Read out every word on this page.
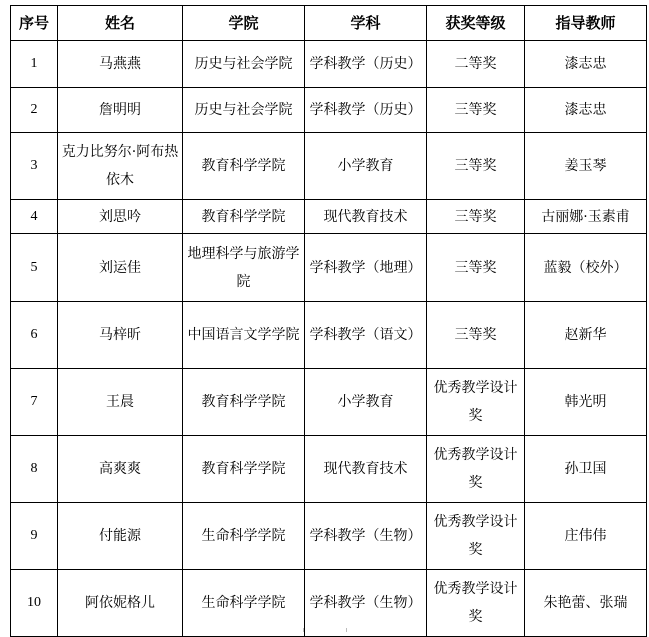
序号	姓名	学院	学科	获奖等级	指导教师
1	马燕燕	历史与社会学院	学科教学（历史）	二等奖	漆志忠
2	詹明明	历史与社会学院	学科教学（历史）	三等奖	漆志忠
3	克力比努尔·阿布热依木	教育科学学院	小学教育	三等奖	姜玉琴
4	刘思吟	教育科学学院	现代教育技术	三等奖	古丽娜·玉素甫
5	刘运佳	地理科学与旅游学院	学科教学（地理）	三等奖	蓝毅（校外）
6	马梓昕	中国语言文学学院	学科教学（语文）	三等奖	赵新华
7	王晨	教育科学学院	小学教育	优秀教学设计奖	韩光明
8	高爽爽	教育科学学院	现代教育技术	优秀教学设计奖	孙卫国
9	付能源	生命科学学院	学科教学（生物）	优秀教学设计奖	庄伟伟
10	阿依妮格儿	生命科学学院	学科教学（生物）	优秀教学设计奖	朱艳蕾、张瑞
